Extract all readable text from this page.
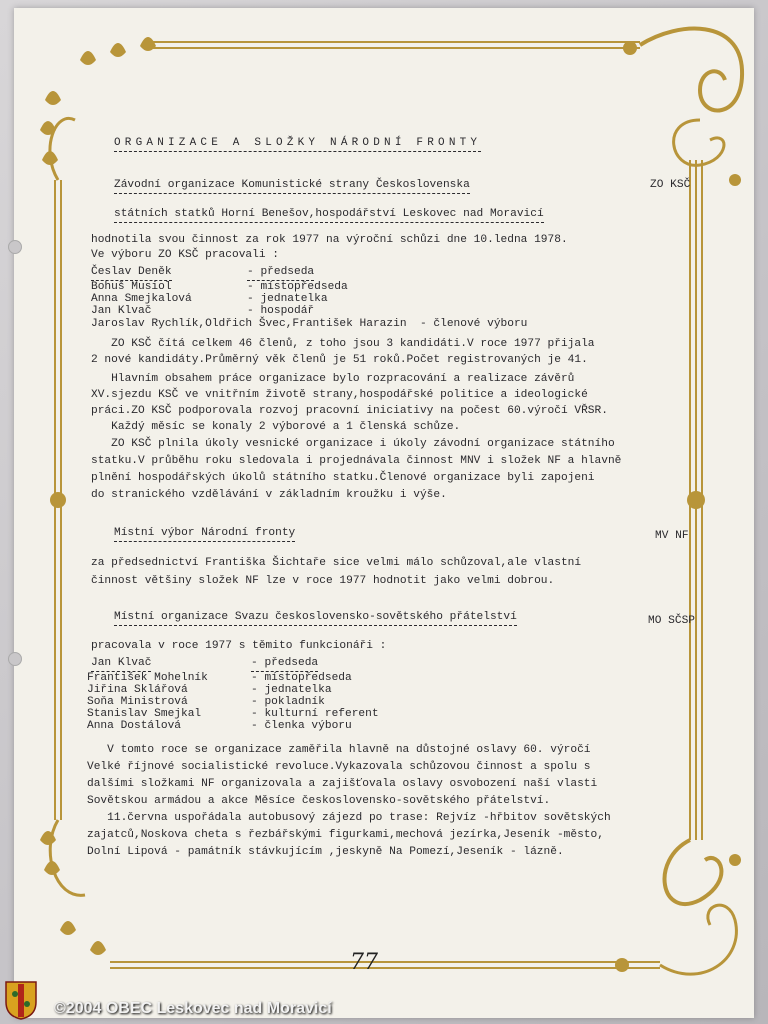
ORGANIZACE A SLOŽKY NÁRODNÍ FRONTY
Závodní organizace Komunistické strany Československa	ZO KSČ
státních statků Horní Benešov,hospodářství Leskovec nad Moravicí
hodnotila svou činnost za rok 1977 na výroční schůzi dne 10.ledna 1978.
Ve výboru ZO KSČ pracovali :
Česlav Deněk	- předseda
Bohuš Musiol	- místopředseda
Anna Smejkalová	- jednatelka
Jan Klvač	- hospodář
Jaroslav Rychlík,Oldřich Švec,František Harazin  - členové výboru
ZO KSČ čítá celkem 46 členů, z toho jsou 3 kandidáti.V roce 1977 přijala
2 nové kandidáty.Průměrný věk členů je 51 roků.Počet registrovaných je 41.
Hlavním obsahem práce organizace bylo rozpracování a realizace závěrů
XV.sjezdu KSČ ve vnitřním životě strany,hospodářské politice a ideologické
práci.ZO KSČ podporovala rozvoj pracovní iniciativy na počest 60.výročí VŘSR.
Každý měsíc se konaly 2 výborové a 1 členská schůze.
ZO KSČ plnila úkoly vesnické organizace i úkoly závodní organizace státního
statku.V průběhu roku sledovala i projednávala činnost MNV i složek NF a hlavně
plnění hospodářských úkolů státního statku.Členové organizace byli zapojeni
do stranického vzdělávání v základním kroužku i výše.
Místní výbor Národní fronty	MV NF
za předsednictví Františka Šichtaře sice velmi málo schůzoval,ale vlastní
činnost většiny složek NF lze v roce 1977 hodnotit jako velmi dobrou.
Místní organizace Svazu československo-sovětského přátelství	MO SČSP
pracovala v roce 1977 s těmito funkcionáři :
Jan Klvač	- předseda
František Mohelník	- místopředseda
Jiřina Sklářová	- jednatelka
Soňa Ministrová	- pokladník
Stanislav Smejkal	- kulturní referent
Anna Dostálová	- členka výboru
V tomto roce se organizace zaměřila hlavně na důstojné oslavy 60. výročí
Velké říjnové socialistické revoluce.Vykazovala schůzovou činnost a spolu s
dalšími složkami NF organizovala a zajišťovala oslavy osvobození naší vlasti
Sovětskou armádou a akce Měsíce československo-sovětského přátelství.
11.června uspořádala autobusový zájezd po trase: Rejvíz -hřbitov sovětských
zajatců,Noskova cheta s řezbářskými figurkami,mechová jezírka,Jeseník -město,
Dolní Lipová - památník stávkujícím ,jeskyně Na Pomezí,Jeseník - lázně.
77
©2004 OBEC Leskovec nad Moravicí
